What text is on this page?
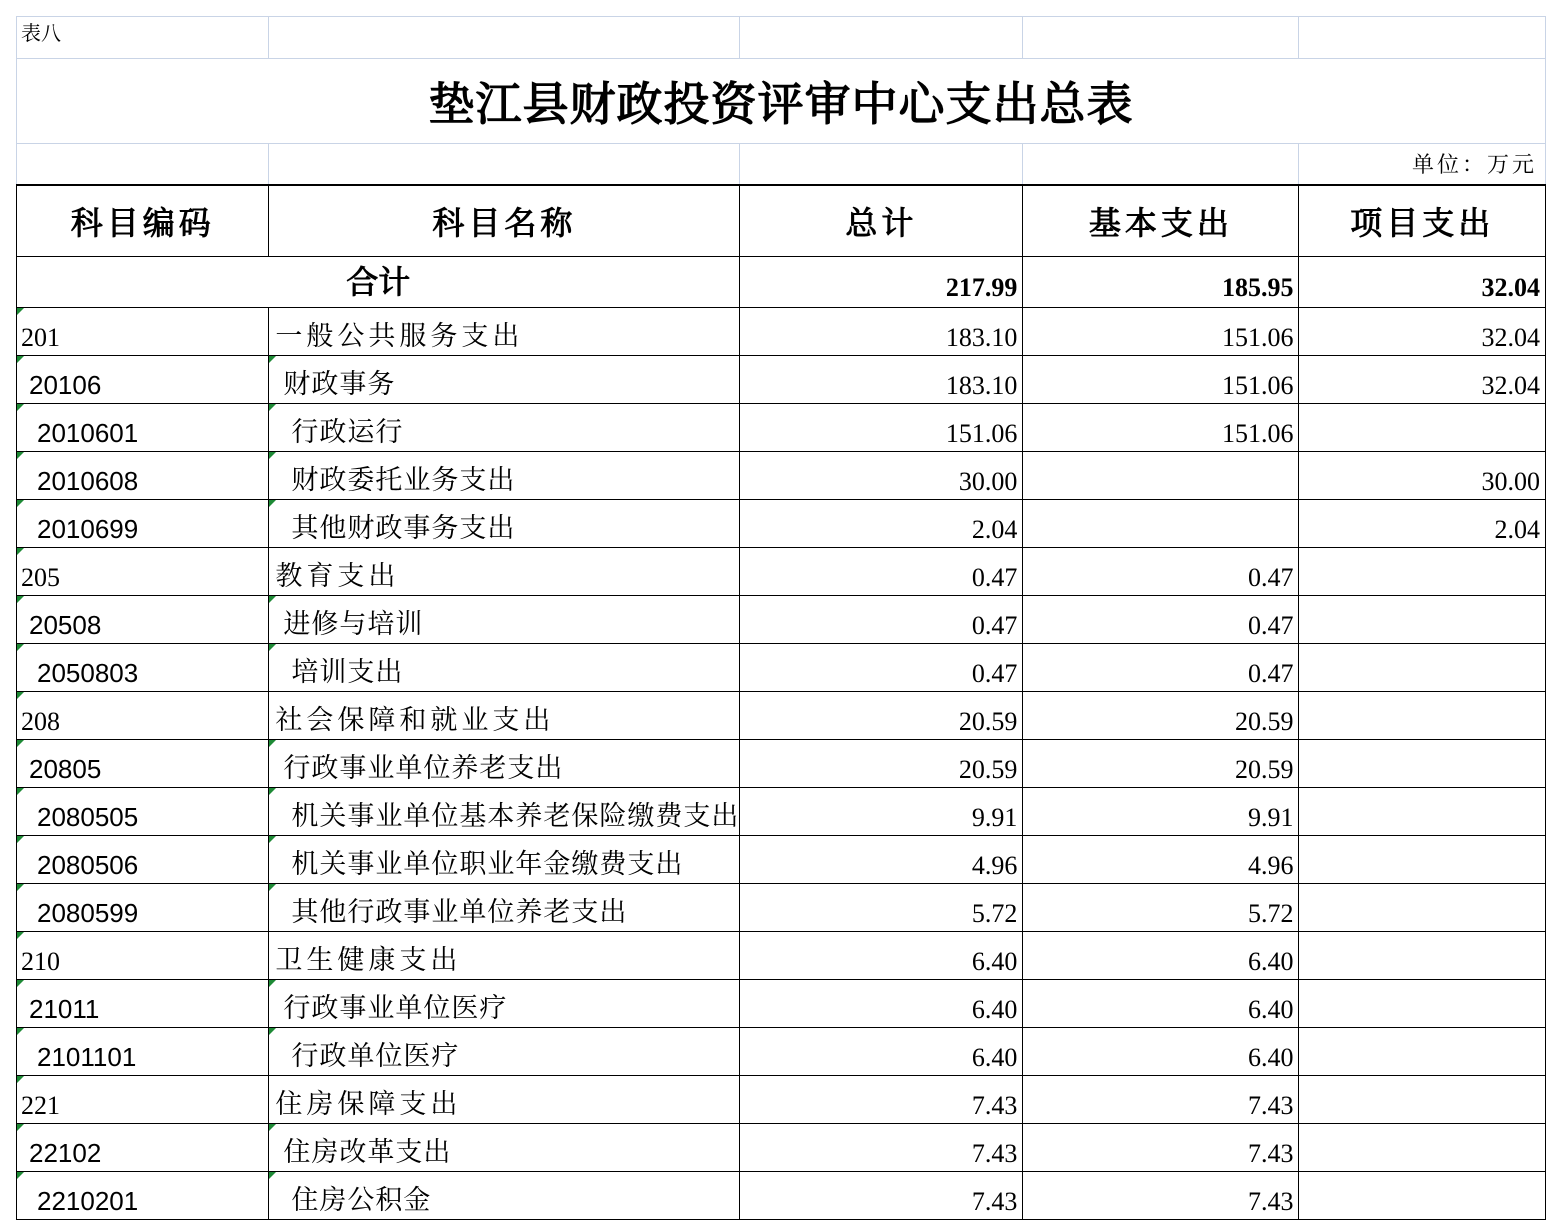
表八				
垫江县财政投资评审中心支出总表				
				单位：万元
科目编码	科目名称	总计	基本支出	项目支出
合计		217.99	185.95	32.04
201	一般公共服务支出	183.10	151.06	32.04
20106	财政事务	183.10	151.06	32.04
2010601	行政运行	151.06	151.06	
2010608	财政委托业务支出	30.00		30.00
2010699	其他财政事务支出	2.04		2.04
205	教育支出	0.47	0.47	
20508	进修与培训	0.47	0.47	
2050803	培训支出	0.47	0.47	
208	社会保障和就业支出	20.59	20.59	
20805	行政事业单位养老支出	20.59	20.59	
2080505	机关事业单位基本养老保险缴费支出	9.91	9.91	
2080506	机关事业单位职业年金缴费支出	4.96	4.96	
2080599	其他行政事业单位养老支出	5.72	5.72	
210	卫生健康支出	6.40	6.40	
21011	行政事业单位医疗	6.40	6.40	
2101101	行政单位医疗	6.40	6.40	
221	住房保障支出	7.43	7.43	
22102	住房改革支出	7.43	7.43	
2210201	住房公积金	7.43	7.43	
